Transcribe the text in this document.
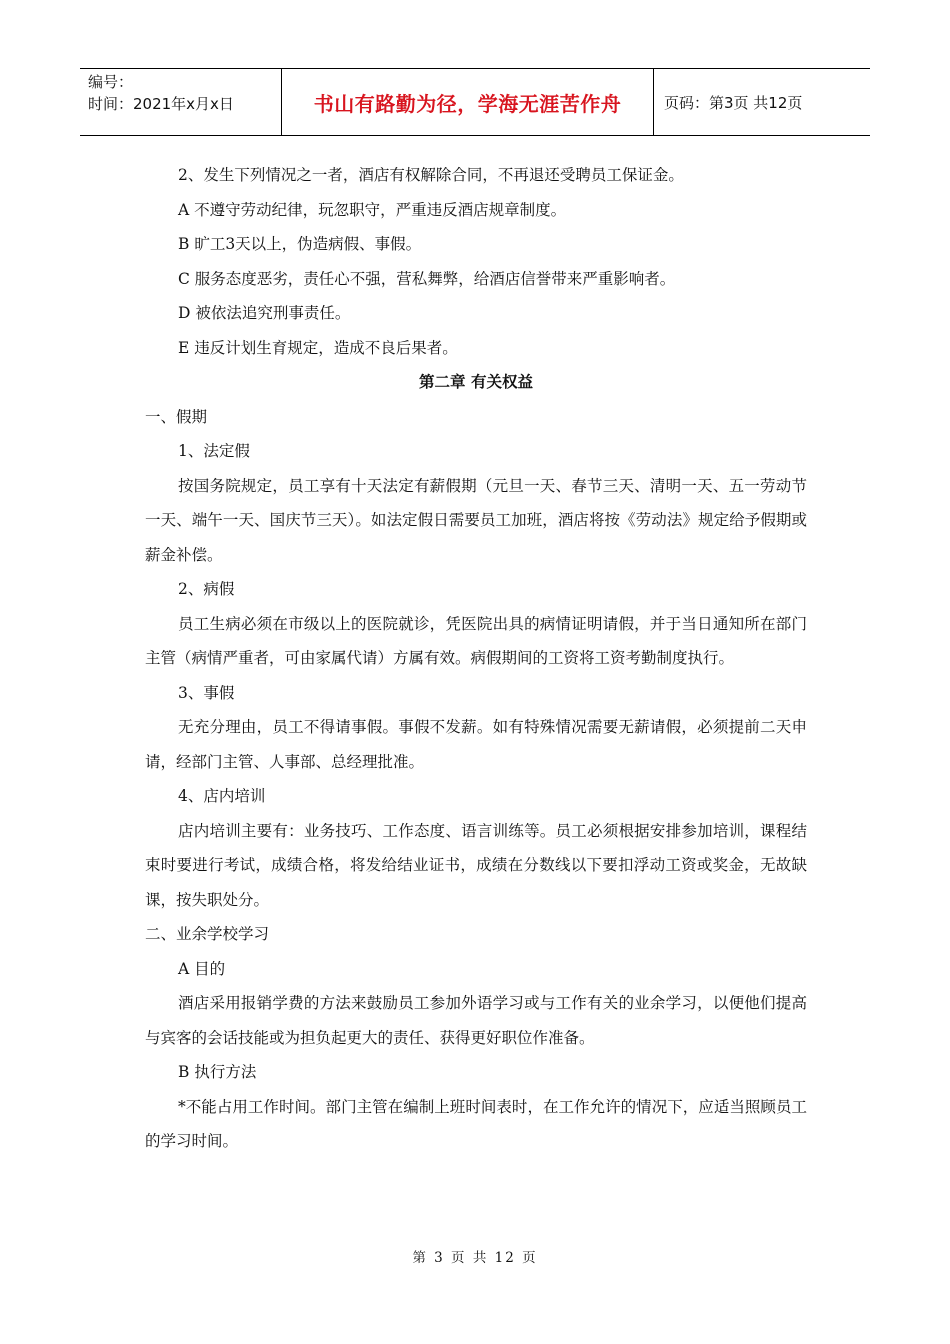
编号：
时间：2021年x月x日	书山有路勤为径，学海无涯苦作舟	页码：第3页 共12页

2、发生下列情况之一者，酒店有权解除合同，不再退还受聘员工保证金。

A 不遵守劳动纪律，玩忽职守，严重违反酒店规章制度。

B 旷工3天以上，伪造病假、事假。

C 服务态度恶劣，责任心不强，营私舞弊，给酒店信誉带来严重影响者。

D 被依法追究刑事责任。

E 违反计划生育规定，造成不良后果者。

第二章 有关权益

一、假期

1、法定假

按国务院规定，员工享有十天法定有薪假期（元旦一天、春节三天、清明一天、五一劳动节一天、端午一天、国庆节三天）。如法定假日需要员工加班，酒店将按《劳动法》规定给予假期或薪金补偿。

2、病假

员工生病必须在市级以上的医院就诊，凭医院出具的病情证明请假，并于当日通知所在部门主管（病情严重者，可由家属代请）方属有效。病假期间的工资将工资考勤制度执行。

3、事假

无充分理由，员工不得请事假。事假不发薪。如有特殊情况需要无薪请假，必须提前二天申请，经部门主管、人事部、总经理批准。

4、店内培训

店内培训主要有：业务技巧、工作态度、语言训练等。员工必须根据安排参加培训，课程结束时要进行考试，成绩合格，将发给结业证书，成绩在分数线以下要扣浮动工资或奖金，无故缺课，按失职处分。

二、业余学校学习

A 目的

酒店采用报销学费的方法来鼓励员工参加外语学习或与工作有关的业余学习，以便他们提高与宾客的会话技能或为担负起更大的责任、获得更好职位作准备。

B 执行方法

*不能占用工作时间。部门主管在编制上班时间表时，在工作允许的情况下，应适当照顾员工的学习时间。

第 3 页 共 12 页
